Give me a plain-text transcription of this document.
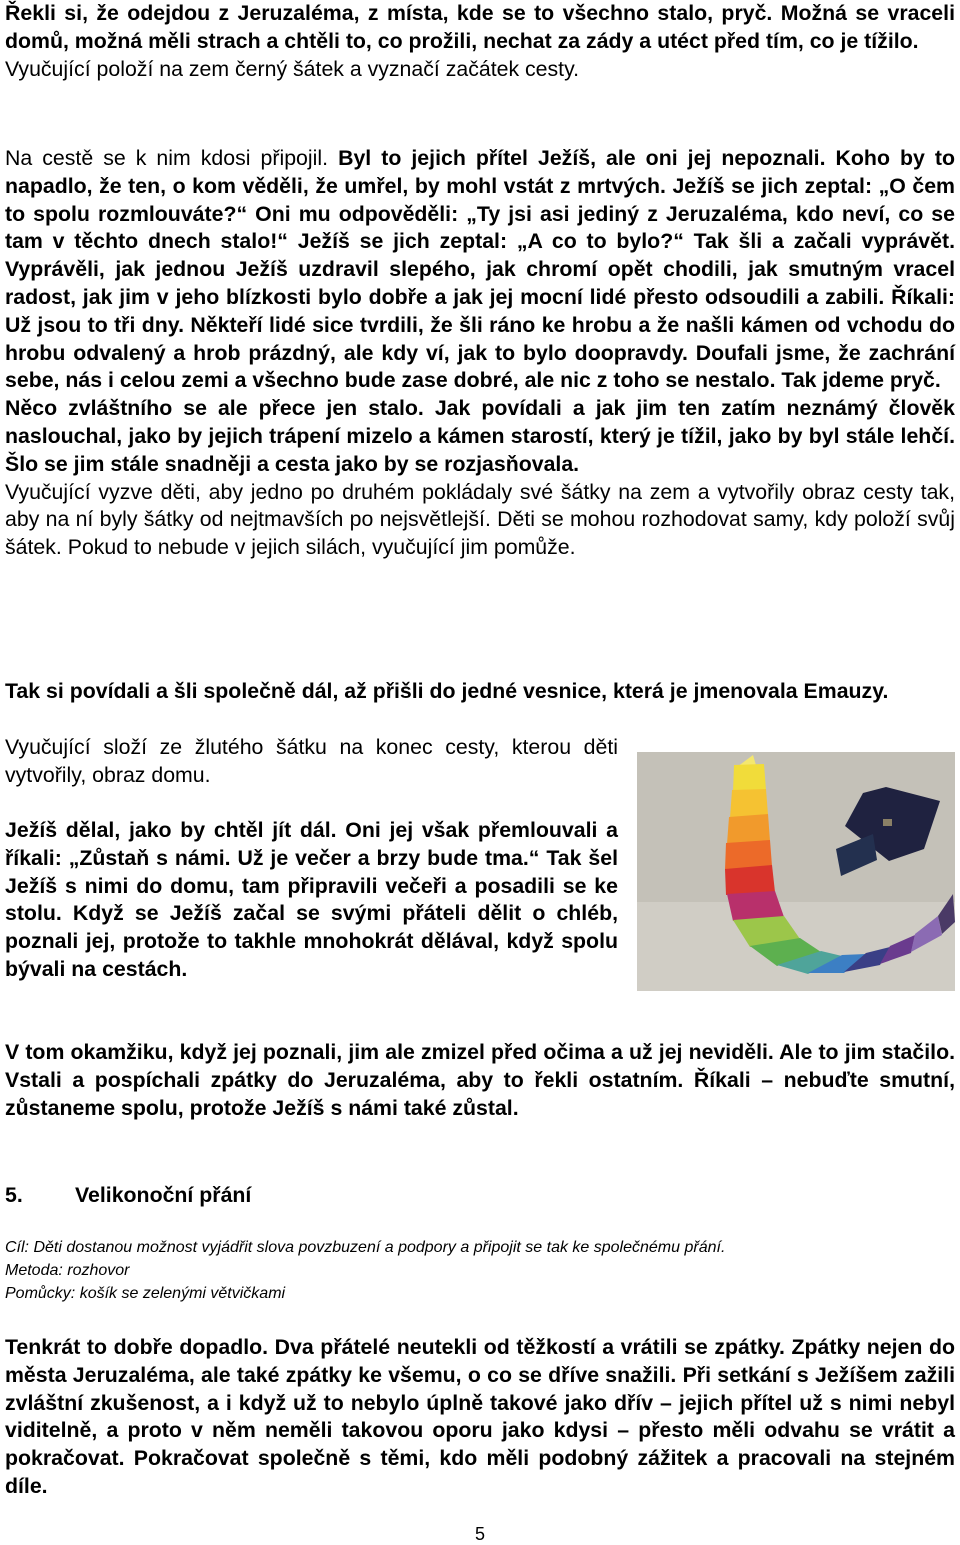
Řekli si, že odejdou z Jeruzaléma, z místa, kde se to všechno stalo, pryč. Možná se vraceli domů, možná měli strach a chtěli to, co prožili, nechat za zády a utéct před tím, co je tížilo.
Vyučující položí na zem černý šátek a vyznačí začátek cesty.
Na cestě se k nim kdosi připojil. Byl to jejich přítel Ježíš, ale oni jej nepoznali. Koho by to napadlo, že ten, o kom věděli, že umřel, by mohl vstát z mrtvých. Ježíš se jich zeptal: „O čem to spolu rozmlouváte?“ Oni mu odpověděli: „Ty jsi asi jediný z Jeruzaléma, kdo neví, co se tam v těchto dnech stalo!“ Ježíš se jich zeptal: „A co to bylo?“ Tak šli a začali vyprávět. Vyprávěli, jak jednou Ježíš uzdravil slepého, jak chromí opět chodili, jak smutným vracel radost, jak jim v jeho blízkosti bylo dobře a jak jej mocní lidé přesto odsoudili a zabili. Říkali: Už jsou to tři dny. Někteří lidé sice tvrdili, že šli ráno ke hrobu a že našli kámen od vchodu do hrobu odvalený a hrob prázdný, ale kdy ví, jak to bylo doopravdy. Doufali jsme, že zachrání sebe, nás i celou zemi a všechno bude zase dobré, ale nic z toho se nestalo. Tak jdeme pryč.
Něco zvláštního se ale přece jen stalo. Jak povídali a jak jim ten zatím neznámý člověk naslouchal, jako by jejich trápení mizelo a kámen starostí, který je tížil, jako by byl stále lehčí. Šlo se jim stále snadněji a cesta jako by se rozjasňovala.
Vyučující vyzve děti, aby jedno po druhém pokládaly své šátky na zem a vytvořily obraz cesty tak, aby na ní byly šátky od nejtmavších po nejsvětlejší. Děti se mohou rozhodovat samy, kdy položí svůj šátek. Pokud to nebude v jejich silách, vyučující jim pomůže.
Tak si povídali a šli společně dál, až přišli do jedné vesnice, která je jmenovala Emauzy.
Vyučující složí ze žlutého šátku na konec cesty, kterou děti vytvořily, obraz domu.
Ježíš dělal, jako by chtěl jít dál. Oni jej však přemlouvali a říkali: „Zůstaň s námi. Už je večer a brzy bude tma.“ Tak šel Ježíš s nimi do domu, tam připravili večeři a posadili se ke stolu. Když se Ježíš začal se svými přáteli dělit o chléb, poznali jej, protože to takhle mnohokrát dělával, když spolu bývali na cestách.
V tom okamžiku, když jej poznali, jim ale zmizel před očima a už jej neviděli. Ale to jim stačilo. Vstali a pospíchali zpátky do Jeruzaléma, aby to řekli ostatním. Říkali – nebuďte smutní, zůstaneme spolu, protože Ježíš s námi také zůstal.
5. Velikonoční přání
Cíl: Děti dostanou možnost vyjádřit slova povzbuzení a podpory a připojit se tak ke společnému přání.
Metoda: rozhovor
Pomůcky: košík se zelenými větvičkami
Tenkrát to dobře dopadlo. Dva přátelé neutekli od těžkostí a vrátili se zpátky. Zpátky nejen do města Jeruzaléma, ale také zpátky ke všemu, o co se dříve snažili. Při setkání s Ježíšem zažili zvláštní zkušenost, a i když už to nebylo úplně takové jako dřív – jejich přítel už s nimi nebyl viditelně, a proto v něm neměli takovou oporu jako kdysi – přesto měli odvahu se vrátit a pokračovat. Pokračovat společně s těmi, kdo měli podobný zážitek a pracovali na stejném díle.
5
